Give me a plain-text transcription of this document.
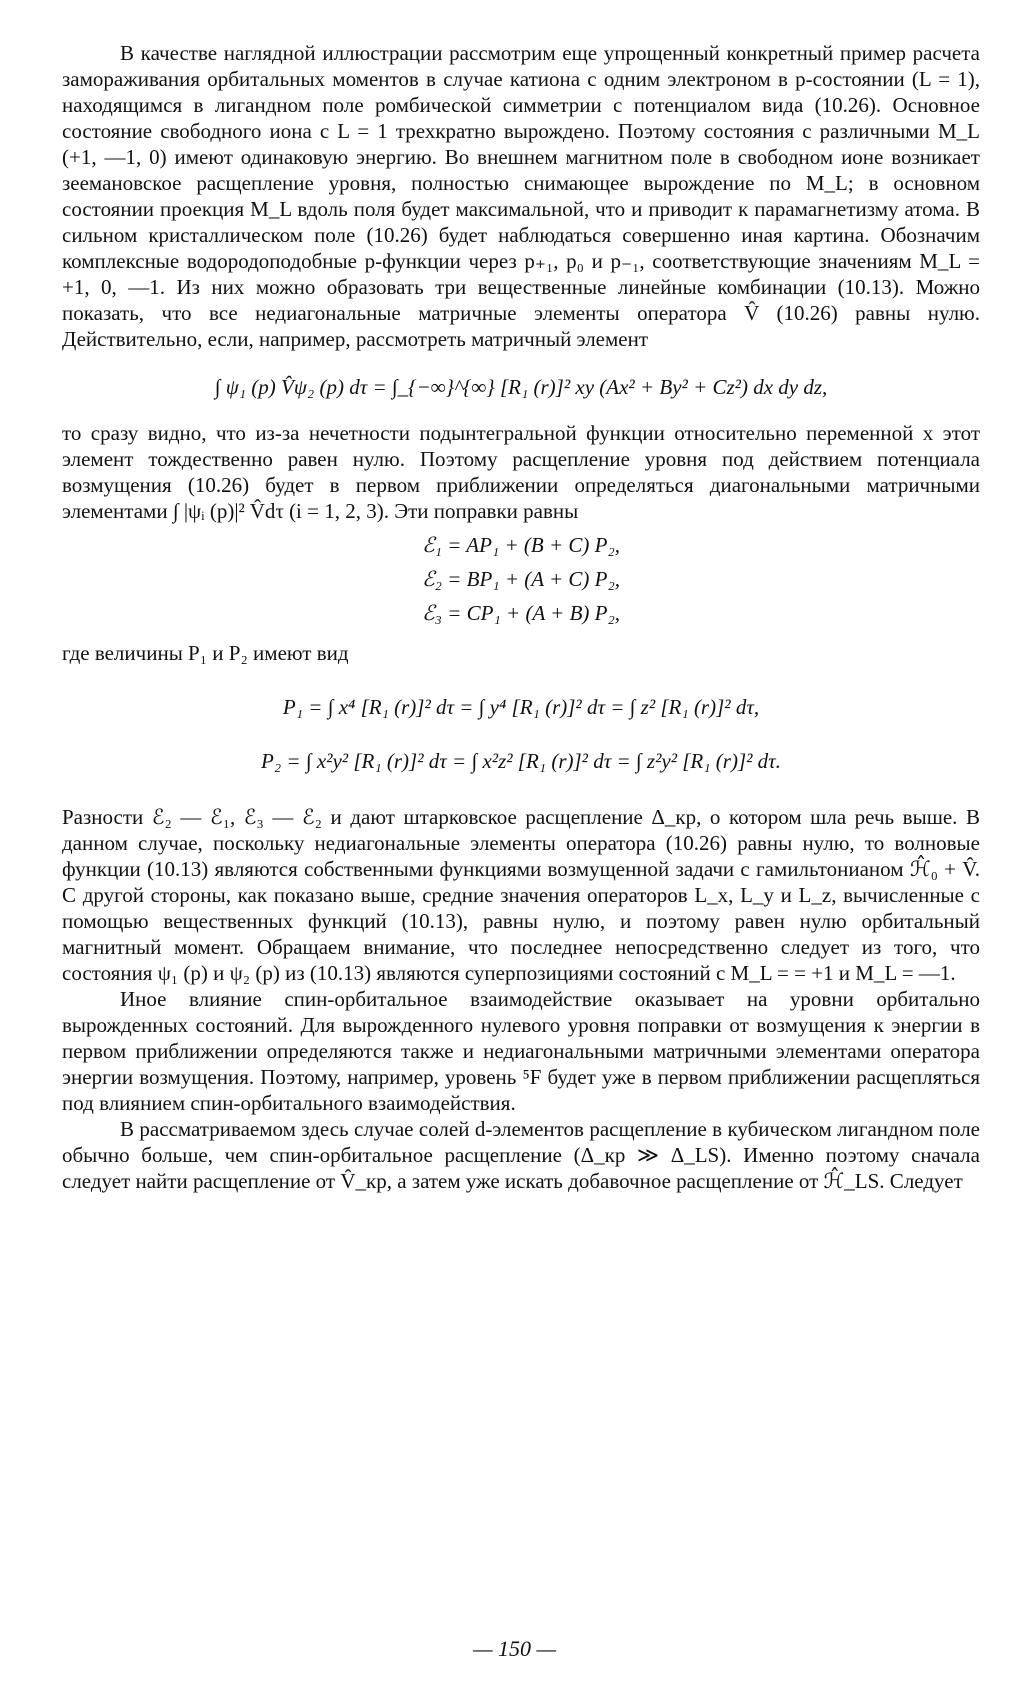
В качестве наглядной иллюстрации рассмотрим еще упрощенный конкретный пример расчета замораживания орбитальных моментов в случае катиона с одним электроном в p-состоянии (L = 1), находящимся в лигандном поле ромбической симметрии с потенциалом вида (10.26). Основное состояние свободного иона с L = 1 трехкратно вырождено. Поэтому состояния с различными M_L (+1, —1, 0) имеют одинаковую энергию. Во внешнем магнитном поле в свободном ионе возникает зеемановское расщепление уровня, полностью снимающее вырождение по M_L; в основном состоянии проекция M_L вдоль поля будет максимальной, что и приводит к парамагнетизму атома. В сильном кристаллическом поле (10.26) будет наблюдаться совершенно иная картина. Обозначим комплексные водородоподобные p-функции через p₊₁, p₀ и p₋₁, соответствующие значениям M_L = +1, 0, —1. Из них можно образовать три вещественные линейные комбинации (10.13). Можно показать, что все недиагональные матричные элементы оператора V̂ (10.26) равны нулю. Действительно, если, например, рассмотреть матричный элемент

∫ ψ₁ (p) V̂ψ₂ (p) dτ = ∫_{−∞}^{∞} [R₁ (r)]² xy (Ax² + By² + Cz²) dx dy dz,

то сразу видно, что из-за нечетности подынтегральной функции относительно переменной x этот элемент тождественно равен нулю. Поэтому расщепление уровня под действием потенциала возмущения (10.26) будет в первом приближении определяться диагональными матричными элементами ∫ |ψᵢ (p)|² V̂dτ (i = 1, 2, 3). Эти поправки равны

ℰ₁ = AP₁ + (B + C) P₂,
ℰ₂ = BP₁ + (A + C) P₂,
ℰ₃ = CP₁ + (A + B) P₂,

где величины P₁ и P₂ имеют вид

P₁ = ∫ x⁴ [R₁ (r)]² dτ = ∫ y⁴ [R₁ (r)]² dτ = ∫ z² [R₁ (r)]² dτ,
P₂ = ∫ x²y² [R₁ (r)]² dτ = ∫ x²z² [R₁ (r)]² dτ = ∫ z²y² [R₁ (r)]² dτ.

Разности ℰ₂ — ℰ₁, ℰ₃ — ℰ₂ и дают штарковское расщепление Δ_кр, о котором шла речь выше. В данном случае, поскольку недиагональные элементы оператора (10.26) равны нулю, то волновые функции (10.13) являются собственными функциями возмущенной задачи с гамильтонианом ℋ̂₀ + V̂. С другой стороны, как показано выше, средние значения операторов L_x, L_y и L_z, вычисленные с помощью вещественных функций (10.13), равны нулю, и поэтому равен нулю орбитальный магнитный момент. Обращаем внимание, что последнее непосредственно следует из того, что состояния ψ₁ (p) и ψ₂ (p) из (10.13) являются суперпозициями состояний с M_L = = +1 и M_L = —1.

Иное влияние спин-орбитальное взаимодействие оказывает на уровни орбитально вырожденных состояний. Для вырожденного нулевого уровня поправки от возмущения к энергии в первом приближении определяются также и недиагональными матричными элементами оператора энергии возмущения. Поэтому, например, уровень ⁵F будет уже в первом приближении расщепляться под влиянием спин-орбитального взаимодействия.

В рассматриваемом здесь случае солей d-элементов расщепление в кубическом лигандном поле обычно больше, чем спин-орбитальное расщепление (Δ_кр ≫ Δ_LS). Именно поэтому сначала следует найти расщепление от V̂_кр, а затем уже искать добавочное расщепление от ℋ̂_LS. Следует

— 150 —
